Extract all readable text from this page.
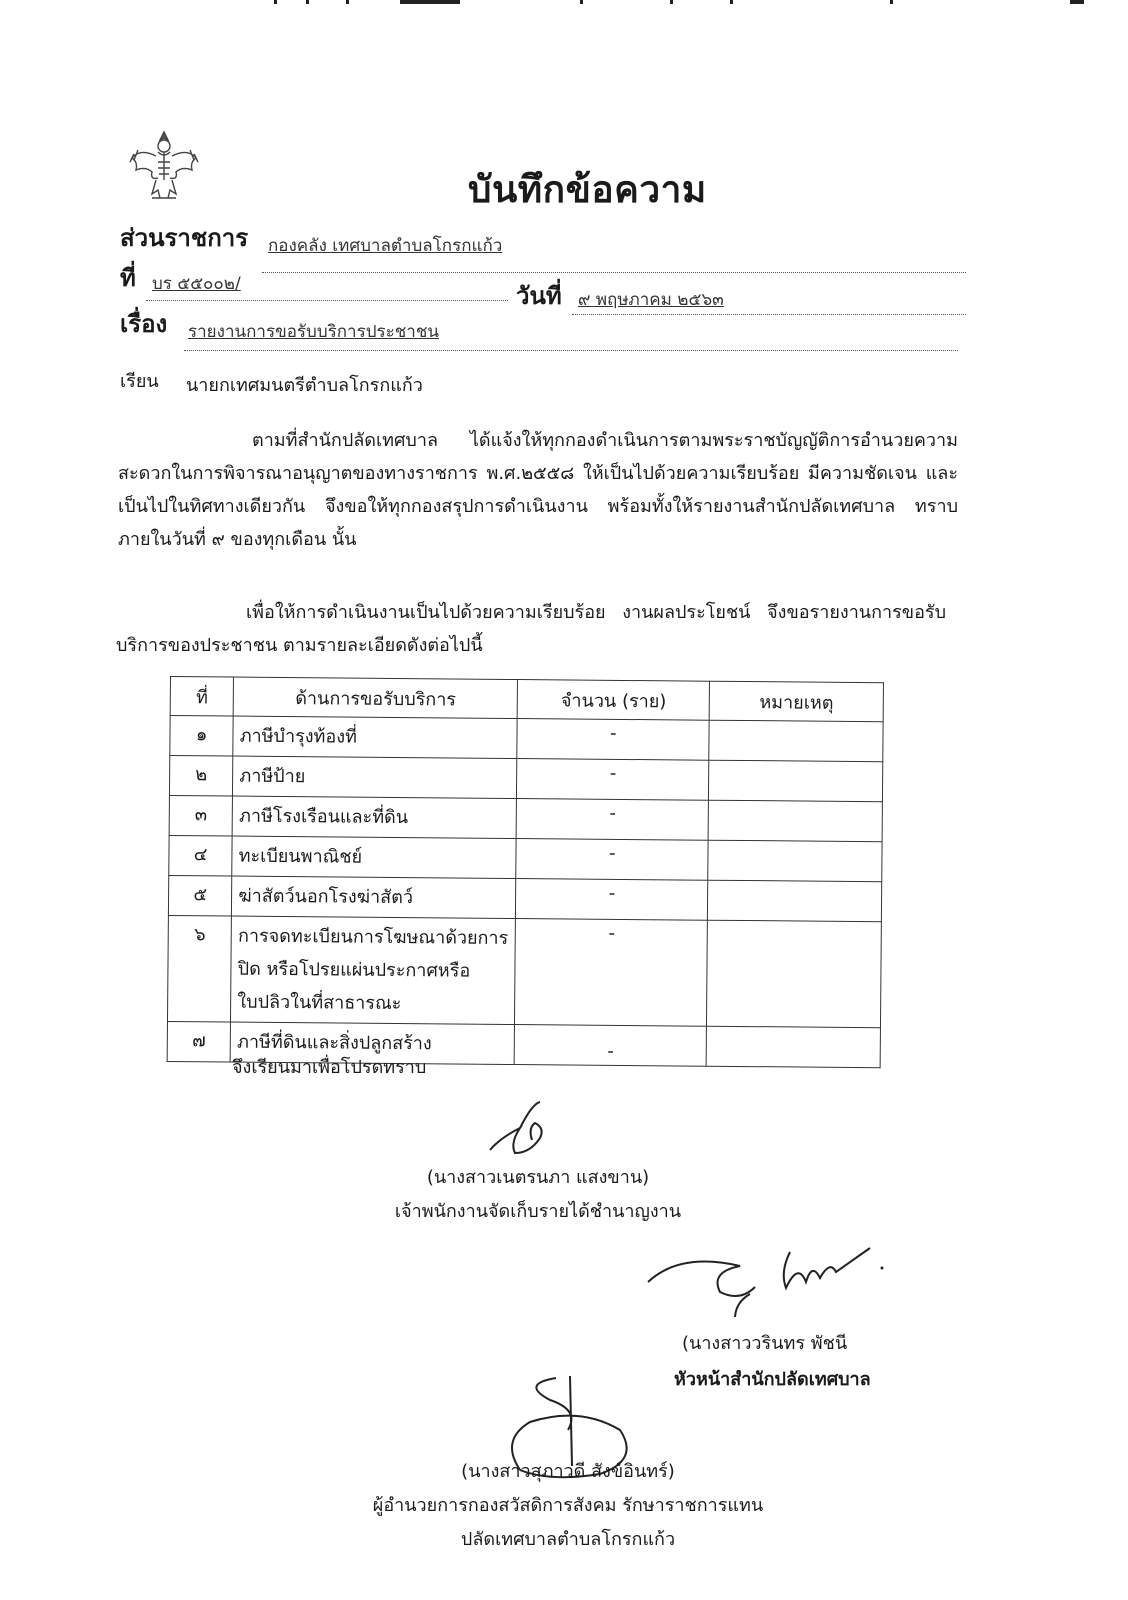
บันทึกข้อความ
ส่วนราชการ กองคลัง เทศบาลตำบลโกรกแก้ว
ที่ บร ๕๕๐๐๒/	วันที่ ๙ พฤษภาคม ๒๕๖๓
เรื่อง รายงานการขอรับบริการประชาชน
เรียน นายกเทศมนตรีตำบลโกรกแก้ว
ตามที่สำนักปลัดเทศบาล ได้แจ้งให้ทุกกองดำเนินการตามพระราชบัญญัติการอำนวยความสะดวกในการพิจารณาอนุญาตของทางราชการ พ.ศ.๒๕๕๘ ให้เป็นไปด้วยความเรียบร้อย มีความชัดเจน และเป็นไปในทิศทางเดียวกัน จึงขอให้ทุกกองสรุปการดำเนินงาน พร้อมทั้งให้รายงานสำนักปลัดเทศบาล ทราบ ภายในวันที่ ๙ ของทุกเดือน นั้น
เพื่อให้การดำเนินงานเป็นไปด้วยความเรียบร้อย งานผลประโยชน์ จึงขอรายงานการขอรับบริการของประชาชน ตามรายละเอียดดังต่อไปนี้
ที่	ด้านการขอรับบริการ	จำนวน (ราย)	หมายเหตุ
๑	ภาษีบำรุงท้องที่	-	
๒	ภาษีป้าย	-	
๓	ภาษีโรงเรือนและที่ดิน	-	
๔	ทะเบียนพาณิชย์	-	
๕	ฆ่าสัตว์นอกโรงฆ่าสัตว์	-	
๖	การจดทะเบียนการโฆษณาด้วยการปิด หรือโปรยแผ่นประกาศหรือใบปลิวในที่สาธารณะ	-	
๗	ภาษีที่ดินและสิ่งปลูกสร้าง	-	
จึงเรียนมาเพื่อโปรดทราบ
(นางสาวเนตรนภา แสงขาน)
เจ้าพนักงานจัดเก็บรายได้ชำนาญงาน
(นางสาววรินทร พัชนี
หัวหน้าสำนักปลัดเทศบาล
(นางสาวสุภาวดี สังข์อินทร์)
ผู้อำนวยการกองสวัสดิการสังคม รักษาราชการแทน
ปลัดเทศบาลตำบลโกรกแก้ว
